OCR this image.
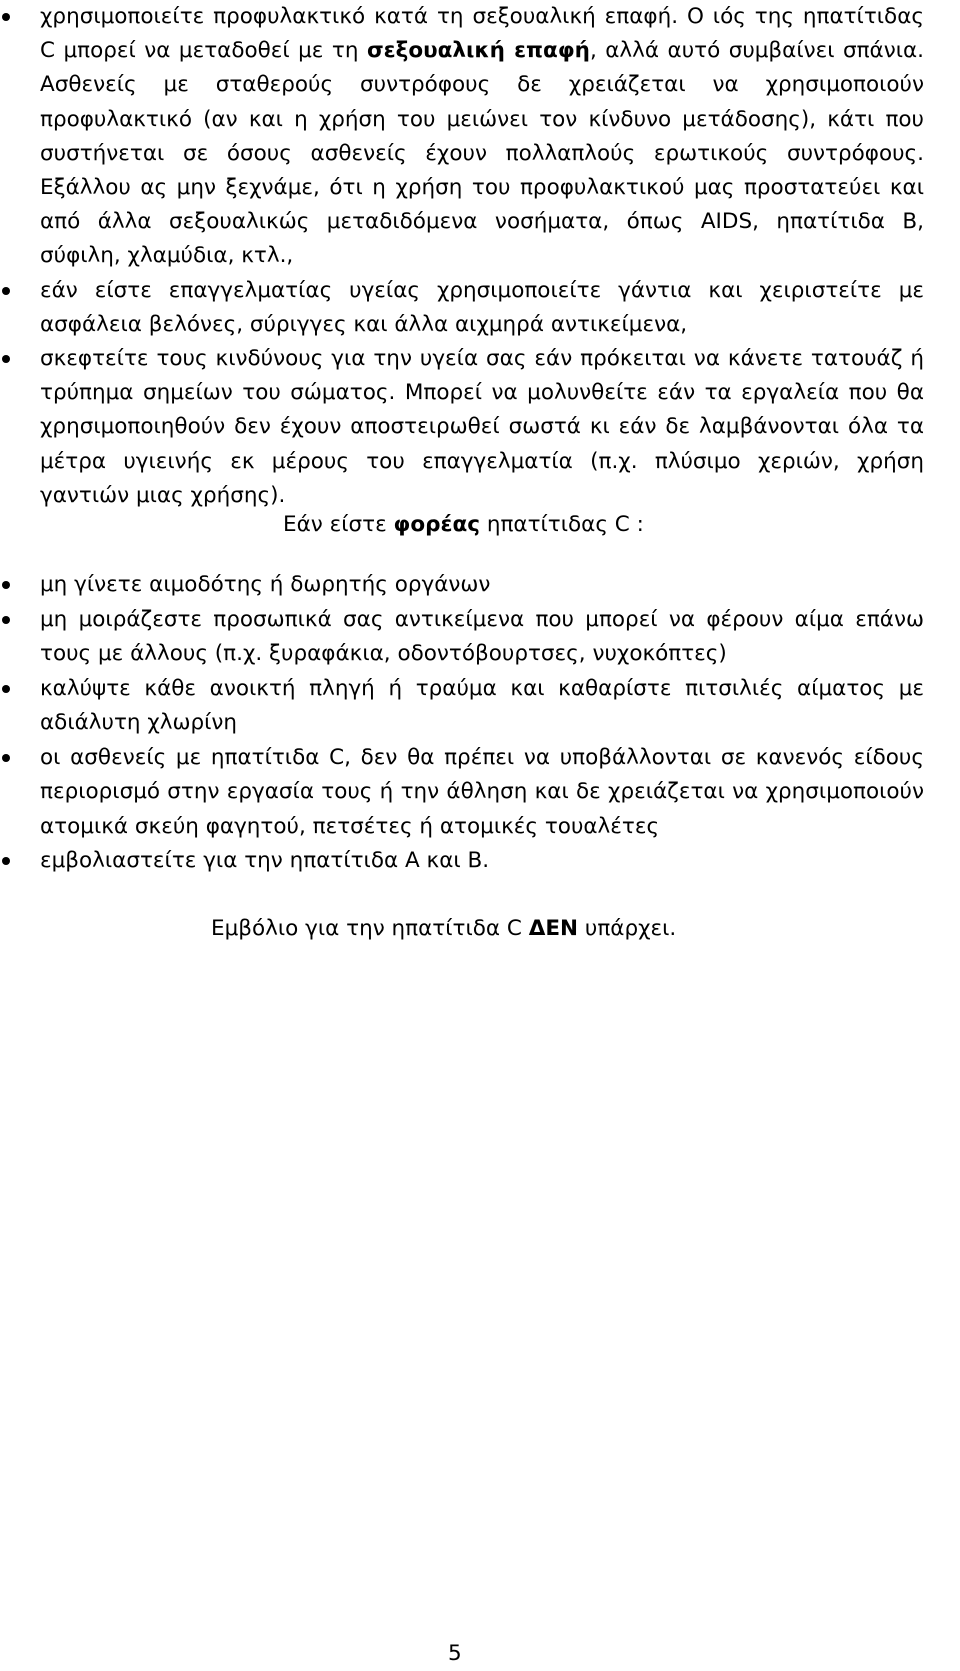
χρησιμοποιείτε προφυλακτικό κατά τη σεξουαλική επαφή. Ο ιός της ηπατίτιδας C μπορεί να μεταδοθεί με τη σεξουαλική επαφή, αλλά αυτό συμβαίνει σπάνια. Ασθενείς με σταθερούς συντρόφους δε χρειάζεται να χρησιμοποιούν προφυλακτικό (αν και η χρήση του μειώνει τον κίνδυνο μετάδοσης), κάτι που συστήνεται σε όσους ασθενείς έχουν πολλαπλούς ερωτικούς συντρόφους. Εξάλλου ας μην ξεχνάμε, ότι η χρήση του προφυλακτικού μας προστατεύει και από άλλα σεξουαλικώς μεταδιδόμενα νοσήματα, όπως AIDS, ηπατίτιδα Β, σύφιλη, χλαμύδια, κτλ.,
εάν είστε επαγγελματίας υγείας χρησιμοποιείτε γάντια και χειριστείτε με ασφάλεια βελόνες, σύριγγες και άλλα αιχμηρά αντικείμενα,
σκεφτείτε τους κινδύνους για την υγεία σας εάν πρόκειται να κάνετε τατουάζ ή τρύπημα σημείων του σώματος. Μπορεί να μολυνθείτε εάν τα εργαλεία που θα χρησιμοποιηθούν δεν έχουν αποστειρωθεί σωστά κι εάν δε λαμβάνονται όλα τα μέτρα υγιεινής εκ μέρους του επαγγελματία (π.χ. πλύσιμο χεριών, χρήση γαντιών μιας χρήσης).
Εάν είστε φορέας ηπατίτιδας C :
μη γίνετε αιμοδότης ή δωρητής οργάνων
μη μοιράζεστε προσωπικά σας αντικείμενα που μπορεί να φέρουν αίμα επάνω τους με άλλους (π.χ. ξυραφάκια, οδοντόβουρτσες, νυχοκόπτες)
καλύψτε κάθε ανοικτή πληγή ή τραύμα και καθαρίστε πιτσιλιές αίματος με αδιάλυτη χλωρίνη
οι ασθενείς με ηπατίτιδα C, δεν θα πρέπει να υποβάλλονται σε κανενός είδους περιορισμό στην εργασία τους ή την άθληση και δε χρειάζεται να χρησιμοποιούν ατομικά σκεύη φαγητού, πετσέτες ή ατομικές τουαλέτες
εμβολιαστείτε για την ηπατίτιδα Α και Β.
Εμβόλιο για την ηπατίτιδα C ΔΕΝ υπάρχει.
5
